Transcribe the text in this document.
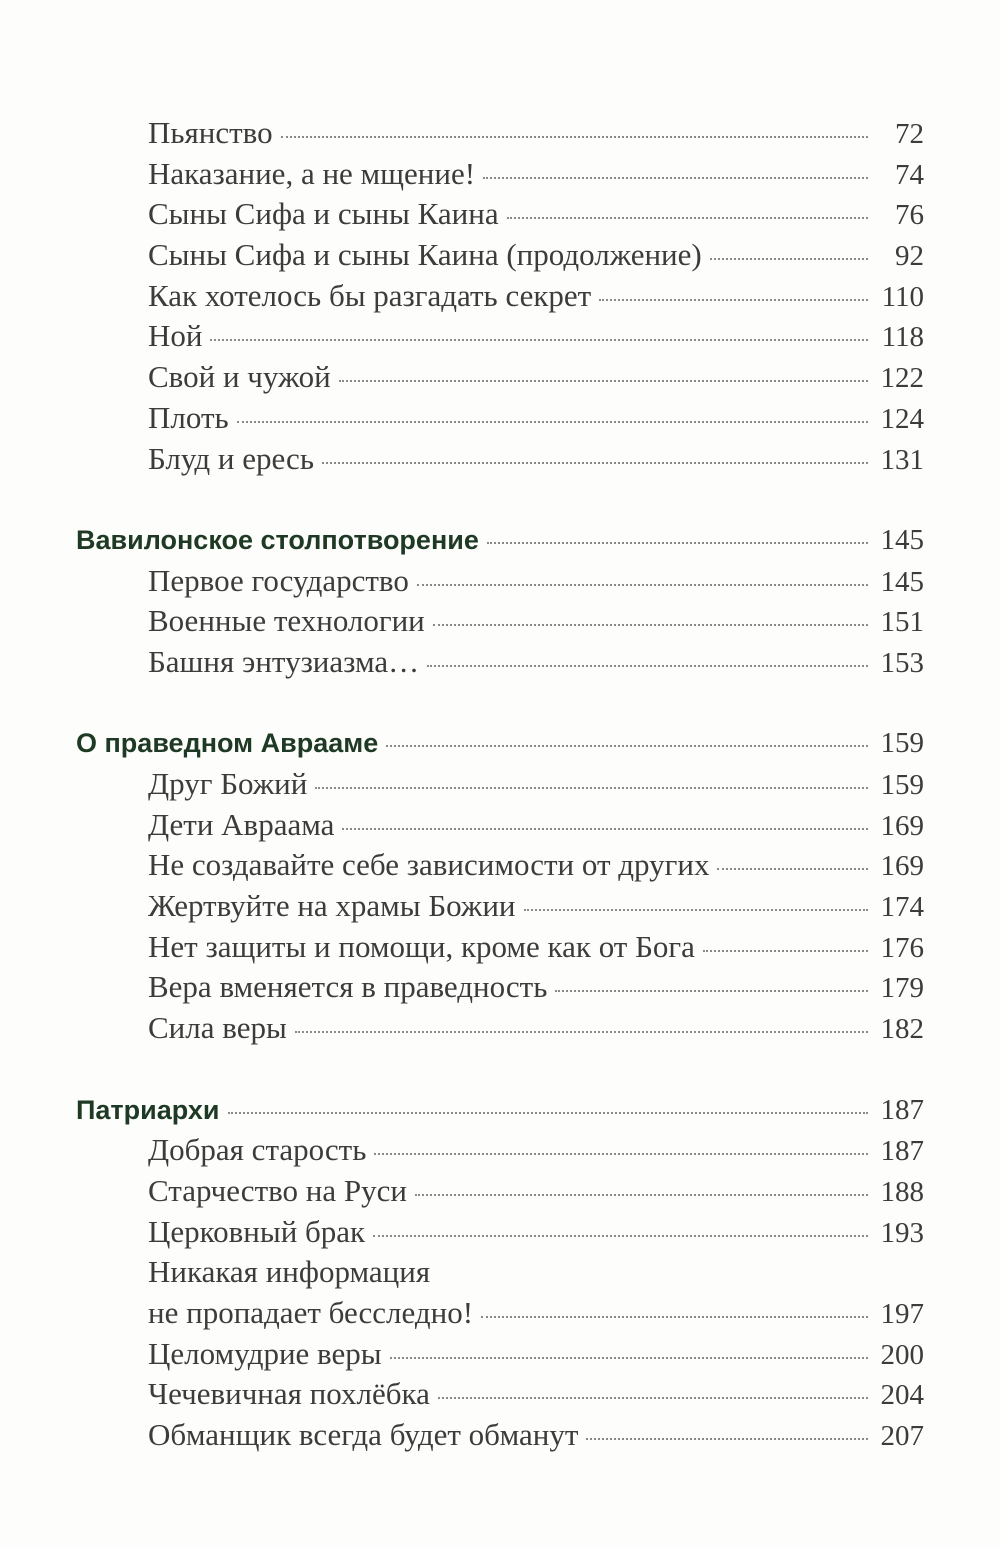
Пьянство	72
Наказание, а не мщение!	74
Сыны Сифа и сыны Каина	76
Сыны Сифа и сыны Каина (продолжение)	92
Как хотелось бы разгадать секрет	110
Ной	118
Свой и чужой	122
Плоть	124
Блуд и ересь	131
Вавилонское столпотворение	145
Первое государство	145
Военные технологии	151
Башня энтузиазма…	153
О праведном Аврааме	159
Друг Божий	159
Дети Авраама	169
Не создавайте себе зависимости от других	169
Жертвуйте на храмы Божии	174
Нет защиты и помощи, кроме как от Бога	176
Вера вменяется в праведность	179
Сила веры	182
Патриархи	187
Добрая старость	187
Старчество на Руси	188
Церковный брак	193
Никакая информация
не пропадает бесследно!	197
Целомудрие веры	200
Чечевичная похлёбка	204
Обманщик всегда будет обманут	207
